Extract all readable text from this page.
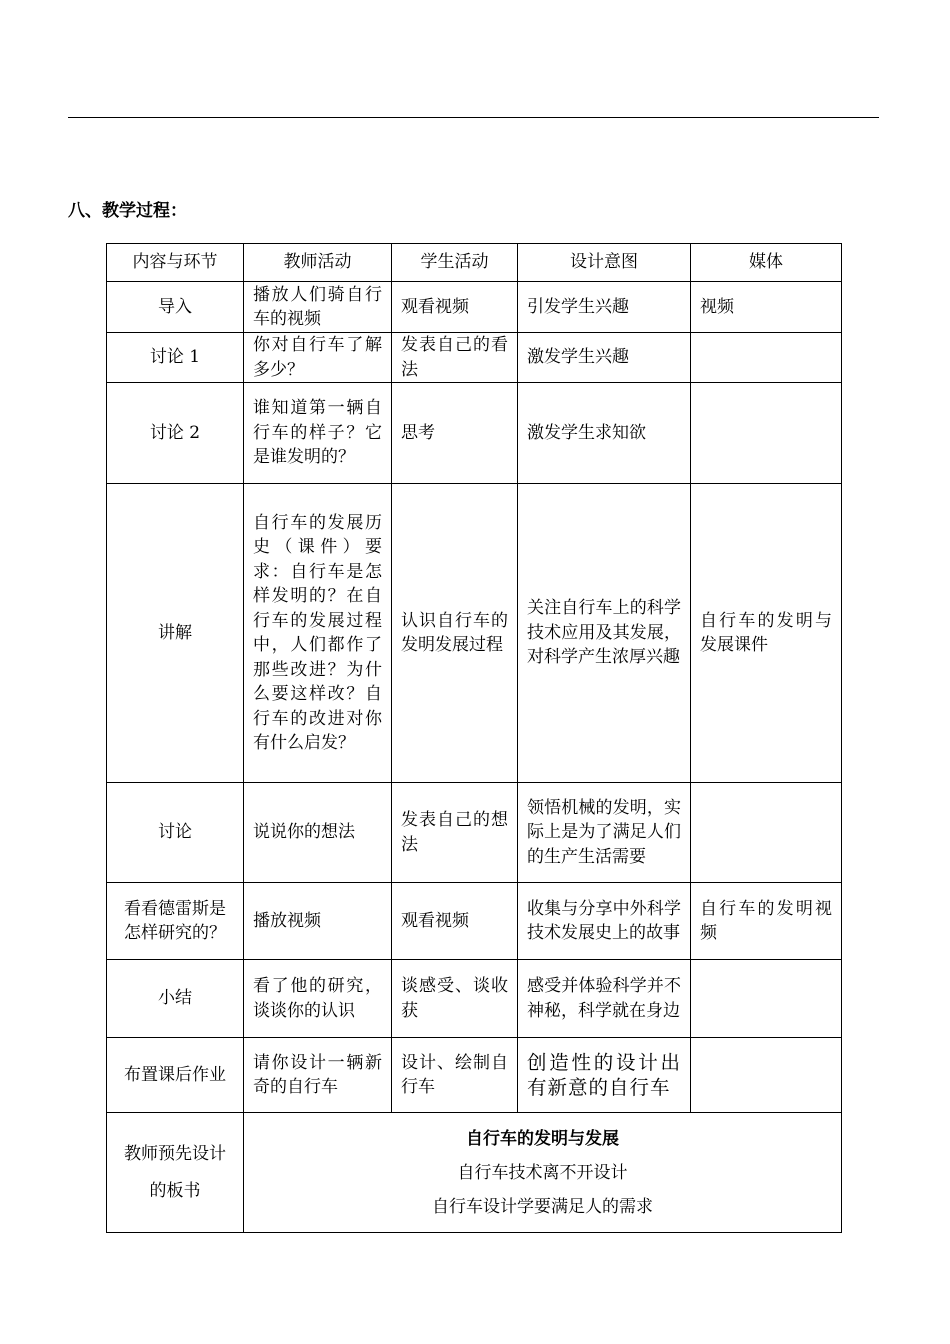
八、教学过程：
内容与环节	教师活动	学生活动	设计意图	媒体
导入	播放人们骑自行车的视频	观看视频	引发学生兴趣	视频
讨论 1	你对自行车了解多少？	发表自己的看法	激发学生兴趣	
讨论 2	谁知道第一辆自行车的样子？它是谁发明的？	思考	激发学生求知欲	
讲解	自行车的发展历史（课件）要求：自行车是怎样发明的？在自行车的发展过程中，人们都作了那些改进？为什么要这样改？自行车的改进对你有什么启发？	认识自行车的发明发展过程	关注自行车上的科学技术应用及其发展，对科学产生浓厚兴趣	自行车的发明与发展课件
讨论	说说你的想法	发表自己的想法	领悟机械的发明，实际上是为了满足人们的生产生活需要	
看看德雷斯是怎样研究的？	播放视频	观看视频	收集与分享中外科学技术发展史上的故事	自行车的发明视频
小结	看了他的研究，谈谈你的认识	谈感受、谈收获	感受并体验科学并不神秘，科学就在身边	
布置课后作业	请你设计一辆新奇的自行车	设计、绘制自行车	创造性的设计出有新意的自行车	
教师预先设计的板书	自行车的发明与发展
自行车技术离不开设计
自行车设计学要满足人的需求			
